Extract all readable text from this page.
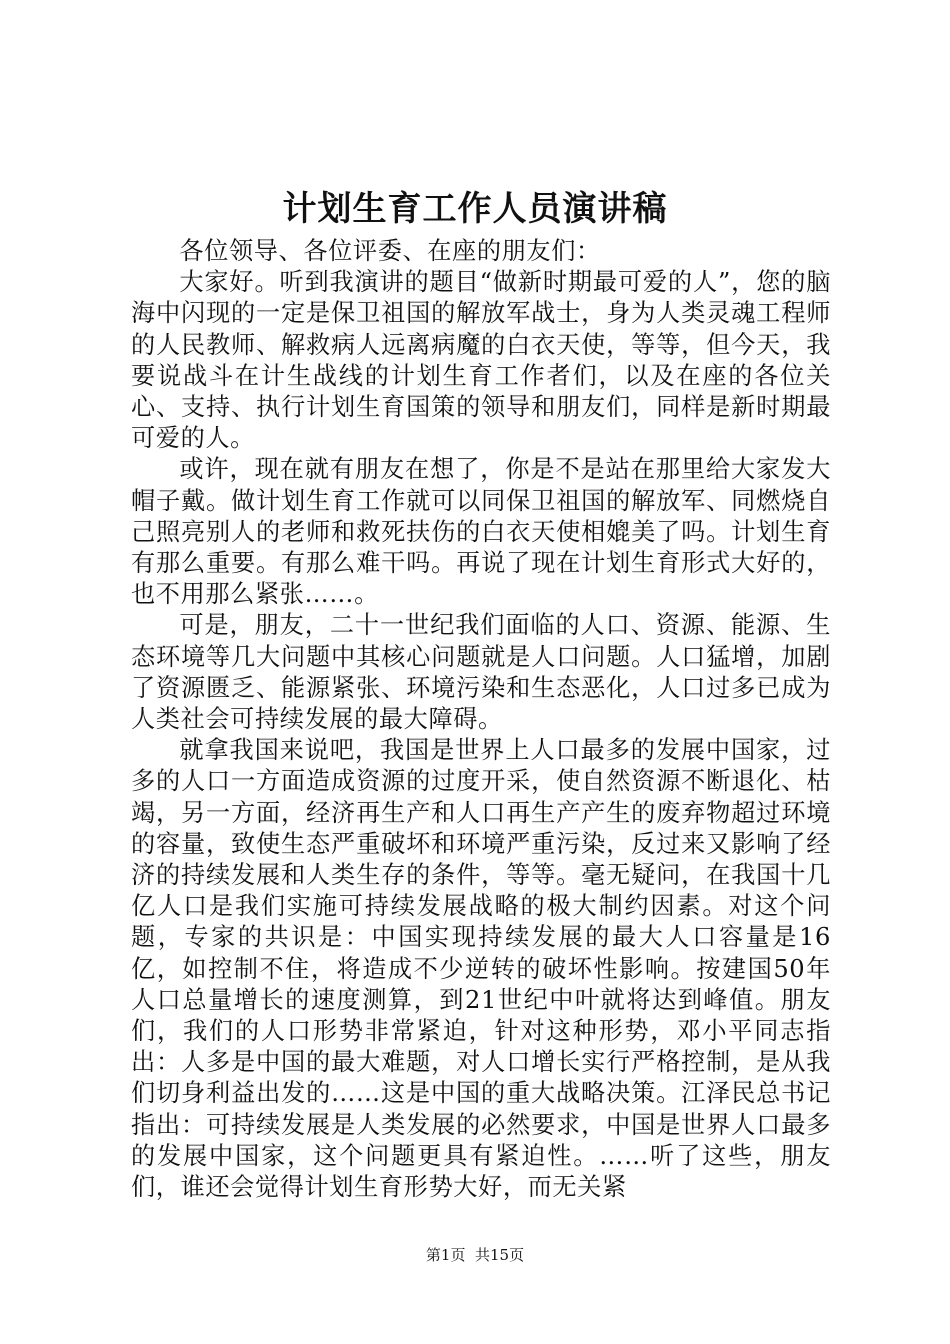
计划生育工作人员演讲稿

各位领导、各位评委、在座的朋友们：

大家好。听到我演讲的题目“做新时期最可爱的人”，您的脑海中闪现的一定是保卫祖国的解放军战士，身为人类灵魂工程师的人民教师、解救病人远离病魔的白衣天使，等等，但今天，我要说战斗在计生战线的计划生育工作者们，以及在座的各位关心、支持、执行计划生育国策的领导和朋友们，同样是新时期最可爱的人。

或许，现在就有朋友在想了，你是不是站在那里给大家发大帽子戴。做计划生育工作就可以同保卫祖国的解放军、同燃烧自己照亮别人的老师和救死扶伤的白衣天使相媲美了吗。计划生育有那么重要。有那么难干吗。再说了现在计划生育形式大好的，也不用那么紧张……。

可是，朋友，二十一世纪我们面临的人口、资源、能源、生态环境等几大问题中其核心问题就是人口问题。人口猛增，加剧了资源匮乏、能源紧张、环境污染和生态恶化，人口过多已成为人类社会可持续发展的最大障碍。

就拿我国来说吧，我国是世界上人口最多的发展中国家，过多的人口一方面造成资源的过度开采，使自然资源不断退化、枯竭，另一方面，经济再生产和人口再生产产生的废弃物超过环境的容量，致使生态严重破坏和环境严重污染，反过来又影响了经济的持续发展和人类生存的条件，等等。毫无疑问，在我国十几亿人口是我们实施可持续发展战略的极大制约因素。对这个问题，专家的共识是：中国实现持续发展的最大人口容量是16亿，如控制不住，将造成不少逆转的破坏性影响。按建国50年人口总量增长的速度测算，到21世纪中叶就将达到峰值。朋友们，我们的人口形势非常紧迫，针对这种形势，邓小平同志指出：人多是中国的最大难题，对人口增长实行严格控制，是从我们切身利益出发的……这是中国的重大战略决策。江泽民总书记指出：可持续发展是人类发展的必然要求，中国是世界人口最多的发展中国家，这个问题更具有紧迫性。……听了这些，朋友们，谁还会觉得计划生育形势大好，而无关紧

第1页 共15页
